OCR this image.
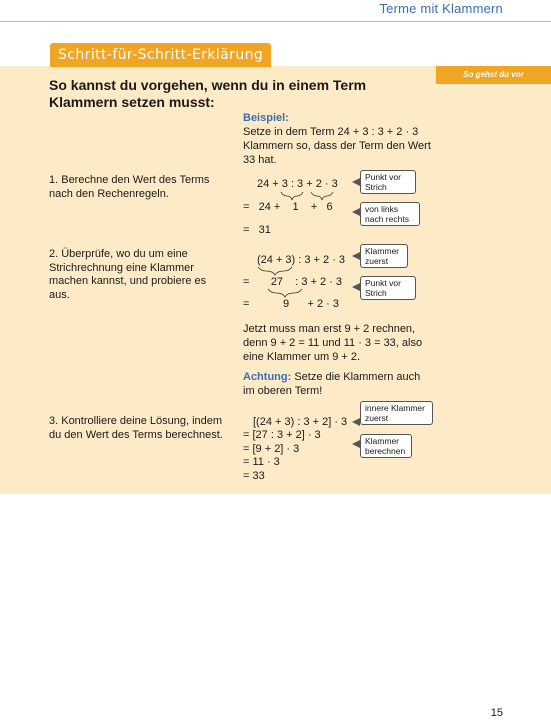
Terme mit Klammern
Schritt-für-Schritt-Erklärung
So gehst du vor
So kannst du vorgehen, wenn du in einem Term Klammern setzen musst:
1. Berechne den Wert des Terms nach den Rechenregeln.
2. Überprüfe, wo du um eine Strichrechnung eine Klammer machen kannst, und probiere es aus.
3. Kontrolliere deine Lösung, indem du den Wert des Terms berechnest.
Beispiel:
Setze in dem Term 24 + 3 : 3 + 2 · 3 Klammern so, dass der Term den Wert 33 hat.
24 + 3 : 3 + 2 · 3
=   24 +    1    +   6
=   31
(24 + 3) : 3 + 2 · 3
=       27    : 3 + 2 · 3
=           9      + 2 · 3
Jetzt muss man erst 9 + 2 rechnen, denn 9 + 2 = 11 und 11 · 3 = 33, also eine Klammer um 9 + 2.
Achtung: Setze die Klammern auch im oberen Term!
[(24 + 3) : 3 + 2] · 3
= [27 : 3 + 2] · 3
= [9 + 2] · 3
= 11 · 3
= 33
Punkt vor Strich
von links nach rechts
Klammer zuerst
Punkt vor Strich
innere Klammer zuerst
Klammer berechnen
15
